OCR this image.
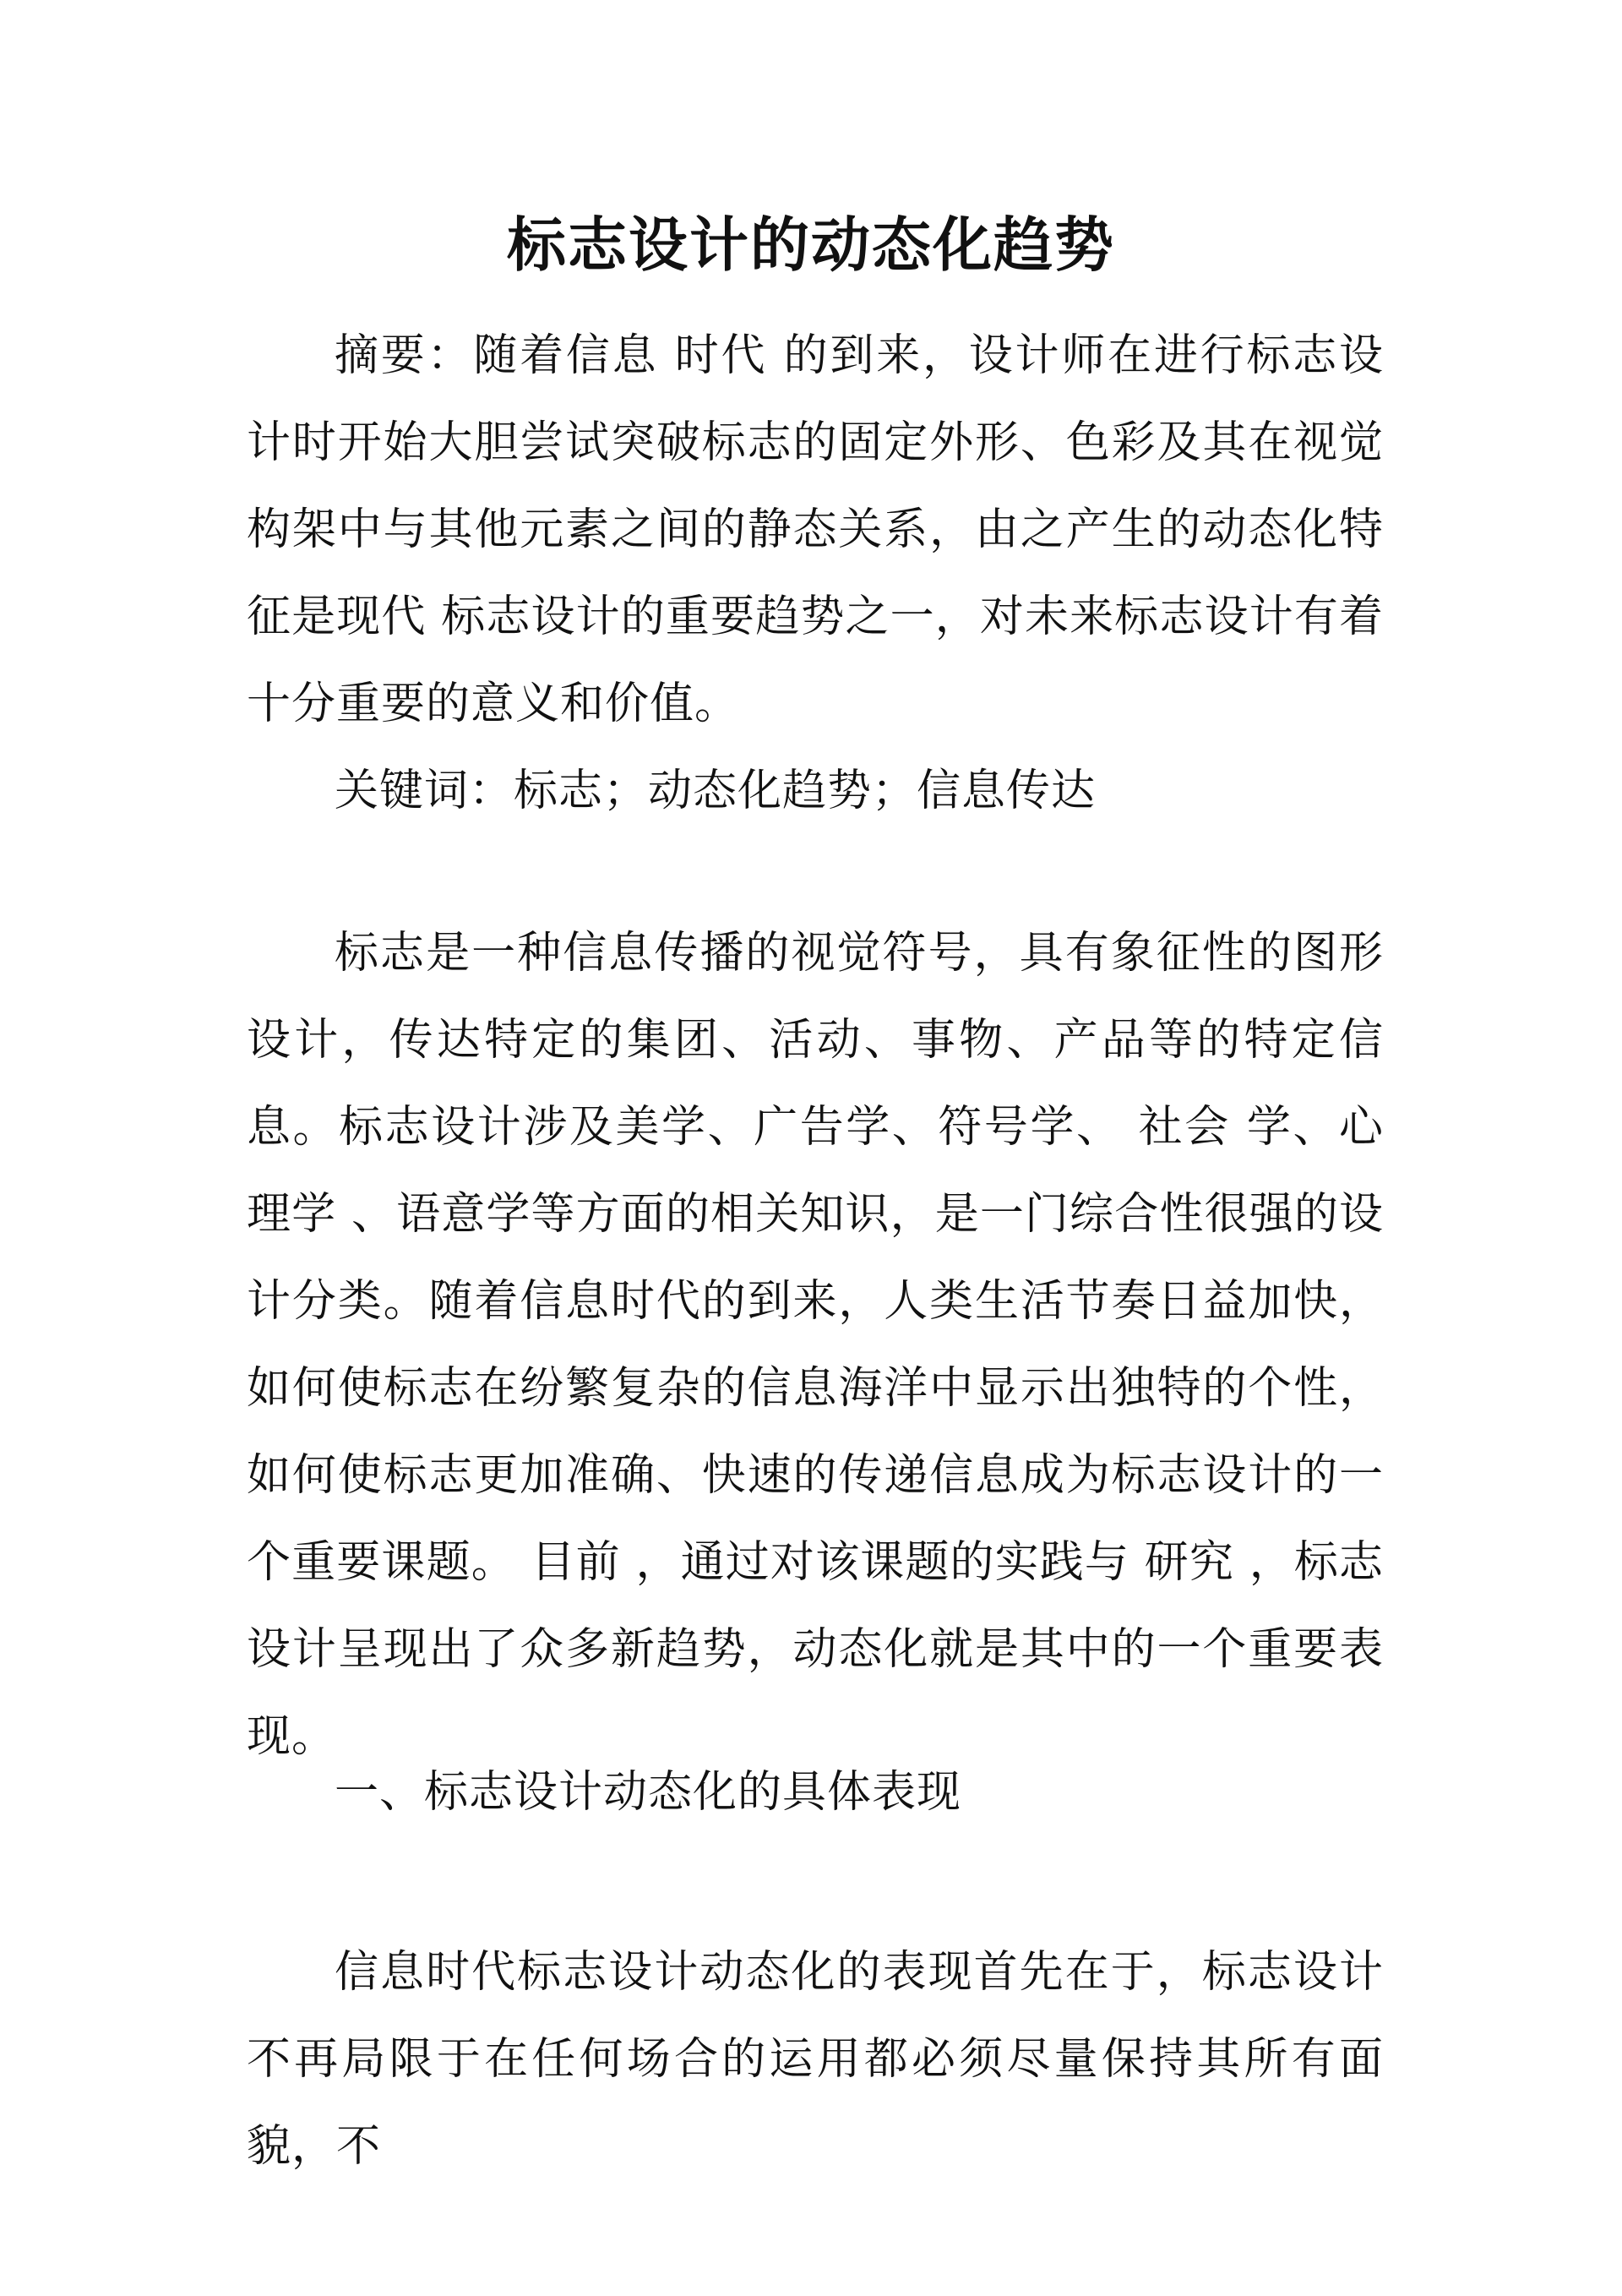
标志设计的动态化趋势

摘要：随着信息 时代 的到来，设计师在进行标志设计时开始大胆尝试突破标志的固定外形、色彩及其在视觉构架中与其他元素之间的静态关系，由之产生的动态化特征是现代 标志设计的重要趋势之一，对未来标志设计有着十分重要的意义和价值。

关键词：标志；动态化趋势；信息传达

标志是一种信息传播的视觉符号，具有象征性的图形设计，传达特定的集团、活动、事物、产品等的特定信息。标志设计涉及美学、广告学、符号学、 社会 学、心 理学 、语意学等方面的相关知识，是一门综合性很强的设计分类。随着信息时代的到来，人类生活节奏日益加快，如何使标志在纷繁复杂的信息海洋中显示出独特的个性，如何使标志更加准确、快速的传递信息成为标志设计的一个重要课题。 目前 ，通过对该课题的实践与 研究 ，标志设计呈现出了众多新趋势，动态化就是其中的一个重要表现。

一、标志设计动态化的具体表现

信息时代标志设计动态化的表现首先在于，标志设计不再局限于在任何场合的运用都必须尽量保持其所有面貌，不
